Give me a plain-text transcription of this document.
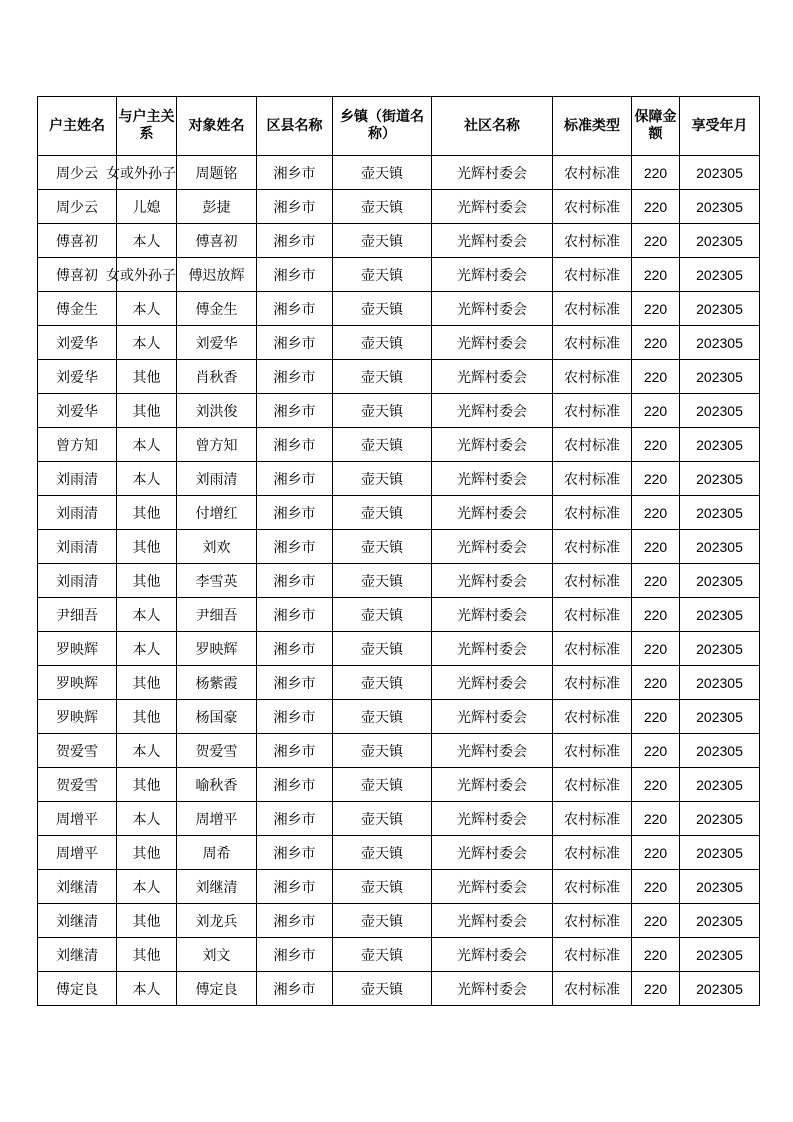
户主姓名	与户主关系	对象姓名	区县名称	乡镇（街道名称）	社区名称	标准类型	保障金额	享受年月
周少云	女或外孙子	周题铭	湘乡市	壶天镇	光辉村委会	农村标准	220	202305
周少云	儿媳	彭捷	湘乡市	壶天镇	光辉村委会	农村标准	220	202305
傅喜初	本人	傅喜初	湘乡市	壶天镇	光辉村委会	农村标准	220	202305
傅喜初	女或外孙子	傅迟放辉	湘乡市	壶天镇	光辉村委会	农村标准	220	202305
傅金生	本人	傅金生	湘乡市	壶天镇	光辉村委会	农村标准	220	202305
刘爱华	本人	刘爱华	湘乡市	壶天镇	光辉村委会	农村标准	220	202305
刘爱华	其他	肖秋香	湘乡市	壶天镇	光辉村委会	农村标准	220	202305
刘爱华	其他	刘洪俊	湘乡市	壶天镇	光辉村委会	农村标准	220	202305
曾方知	本人	曾方知	湘乡市	壶天镇	光辉村委会	农村标准	220	202305
刘雨清	本人	刘雨清	湘乡市	壶天镇	光辉村委会	农村标准	220	202305
刘雨清	其他	付增红	湘乡市	壶天镇	光辉村委会	农村标准	220	202305
刘雨清	其他	刘欢	湘乡市	壶天镇	光辉村委会	农村标准	220	202305
刘雨清	其他	李雪英	湘乡市	壶天镇	光辉村委会	农村标准	220	202305
尹细吾	本人	尹细吾	湘乡市	壶天镇	光辉村委会	农村标准	220	202305
罗映辉	本人	罗映辉	湘乡市	壶天镇	光辉村委会	农村标准	220	202305
罗映辉	其他	杨紫霞	湘乡市	壶天镇	光辉村委会	农村标准	220	202305
罗映辉	其他	杨国豪	湘乡市	壶天镇	光辉村委会	农村标准	220	202305
贺爱雪	本人	贺爱雪	湘乡市	壶天镇	光辉村委会	农村标准	220	202305
贺爱雪	其他	喻秋香	湘乡市	壶天镇	光辉村委会	农村标准	220	202305
周增平	本人	周增平	湘乡市	壶天镇	光辉村委会	农村标准	220	202305
周增平	其他	周希	湘乡市	壶天镇	光辉村委会	农村标准	220	202305
刘继清	本人	刘继清	湘乡市	壶天镇	光辉村委会	农村标准	220	202305
刘继清	其他	刘龙兵	湘乡市	壶天镇	光辉村委会	农村标准	220	202305
刘继清	其他	刘文	湘乡市	壶天镇	光辉村委会	农村标准	220	202305
傅定良	本人	傅定良	湘乡市	壶天镇	光辉村委会	农村标准	220	202305
